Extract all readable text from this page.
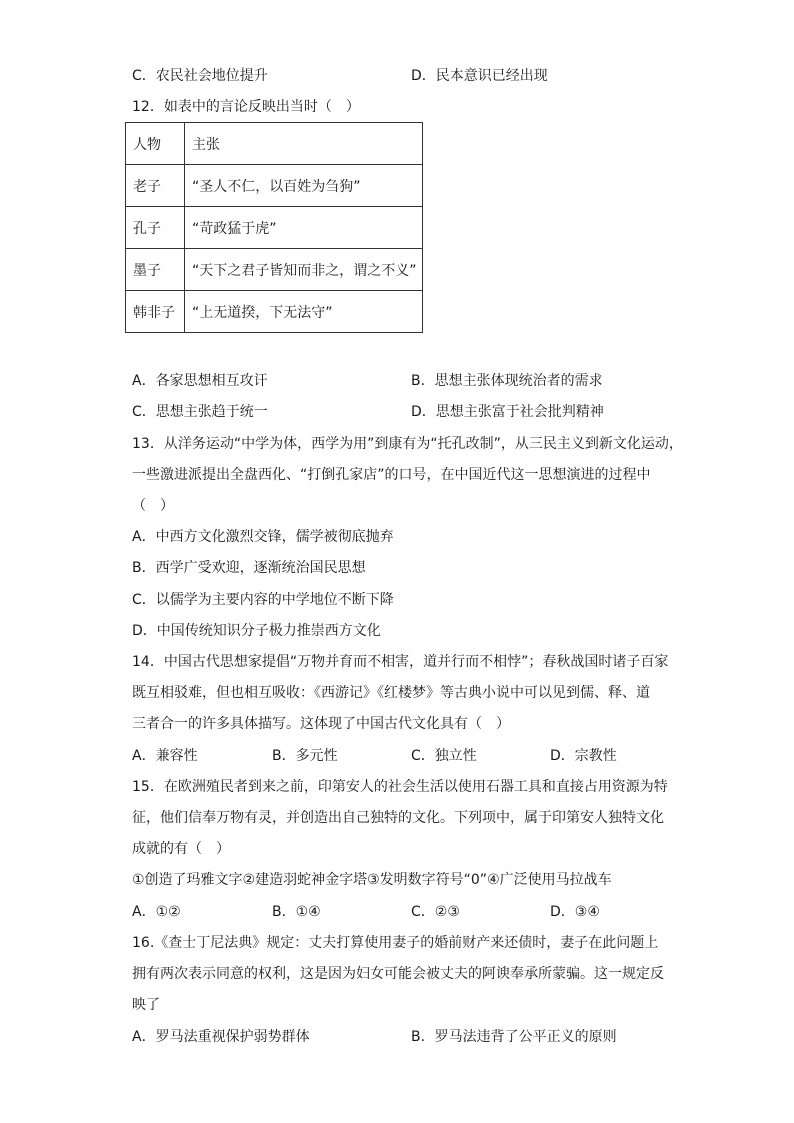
C．农民社会地位提升	D．民本意识已经出现
12．如表中的言论反映出当时（　）
人物	主张
老子	“圣人不仁，以百姓为刍狗”
孔子	“苛政猛于虎”
墨子	“天下之君子皆知而非之，谓之不义”
韩非子	“上无道揆，下无法守”
A．各家思想相互攻讦	B．思想主张体现统治者的需求
C．思想主张趋于统一	D．思想主张富于社会批判精神
13．从洋务运动“中学为体，西学为用”到康有为“托孔改制”，从三民主义到新文化运动，
一些激进派提出全盘西化、“打倒孔家店”的口号，在中国近代这一思想演进的过程中
（　）
A．中西方文化激烈交锋，儒学被彻底抛弃
B．西学广受欢迎，逐渐统治国民思想
C．以儒学为主要内容的中学地位不断下降
D．中国传统知识分子极力推崇西方文化
14．中国古代思想家提倡“万物并育而不相害，道并行而不相悖”；春秋战国时诸子百家
既互相驳难，但也相互吸收：《西游记》《红楼梦》等古典小说中可以见到儒、释、道
三者合一的许多具体描写。这体现了中国古代文化具有（　）
A．兼容性	B．多元性	C．独立性	D．宗教性
15．在欧洲殖民者到来之前，印第安人的社会生活以使用石器工具和直接占用资源为特
征，他们信奉万物有灵，并创造出自己独特的文化。下列项中，属于印第安人独特文化
成就的有（　）
①创造了玛雅文字②建造羽蛇神金字塔③发明数字符号“0”④广泛使用马拉战车
A．①②	B．①④	C．②③	D．③④
16.《查士丁尼法典》规定：丈夫打算使用妻子的婚前财产来还债时，妻子在此问题上
拥有两次表示同意的权利，这是因为妇女可能会被丈夫的阿谀奉承所蒙骗。这一规定反
映了
A．罗马法重视保护弱势群体	B．罗马法违背了公平正义的原则
